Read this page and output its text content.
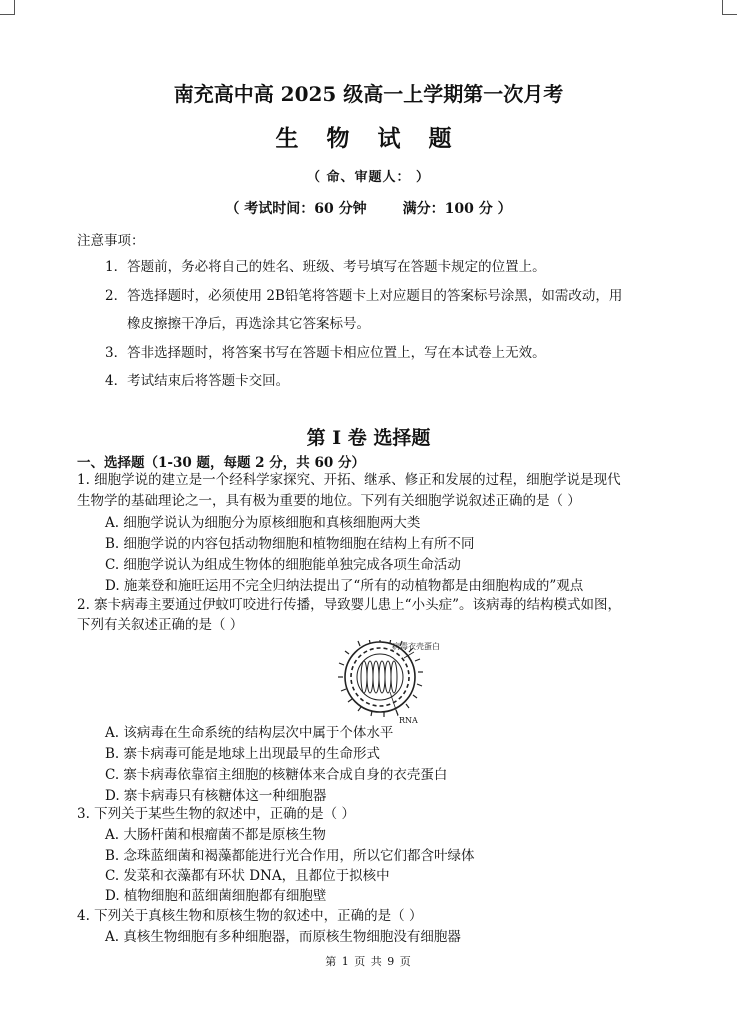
南充高中高 2025 级高一上学期第一次月考
生 物 试 题
（ 命、审题人： ）
（ 考试时间：60 分钟	满分：100 分 ）
注意事项：
1．答题前，务必将自己的姓名、班级、考号填写在答题卡规定的位置上。
2．答选择题时，必须使用 2B铅笔将答题卡上对应题目的答案标号涂黑，如需改动，用
橡皮擦擦干净后，再选涂其它答案标号。
3．答非选择题时，将答案书写在答题卡相应位置上，写在本试卷上无效。
4．考试结束后将答题卡交回。
第 I 卷 选择题
一、选择题（1-30 题，每题 2 分，共 60 分）
1. 细胞学说的建立是一个经科学家探究、开拓、继承、修正和发展的过程，细胞学说是现代
生物学的基础理论之一，具有极为重要的地位。下列有关细胞学说叙述正确的是（ ）
A. 细胞学说认为细胞分为原核细胞和真核细胞两大类
B. 细胞学说的内容包括动物细胞和植物细胞在结构上有所不同
C. 细胞学说认为组成生物体的细胞能单独完成各项生命活动
D. 施莱登和施旺运用不完全归纳法提出了“所有的动植物都是由细胞构成的”观点
2. 寨卡病毒主要通过伊蚊叮咬进行传播，导致婴儿患上“小头症”。该病毒的结构模式如图，
下列有关叙述正确的是（ ）
病毒衣壳蛋白
RNA
A. 该病毒在生命系统的结构层次中属于个体水平
B. 寨卡病毒可能是地球上出现最早的生命形式
C. 寨卡病毒依靠宿主细胞的核糖体来合成自身的衣壳蛋白
D. 寨卡病毒只有核糖体这一种细胞器
3. 下列关于某些生物的叙述中，正确的是（ ）
A. 大肠杆菌和根瘤菌不都是原核生物
B. 念珠蓝细菌和褐藻都能进行光合作用，所以它们都含叶绿体
C. 发菜和衣藻都有环状 DNA，且都位于拟核中
D. 植物细胞和蓝细菌细胞都有细胞壁
4. 下列关于真核生物和原核生物的叙述中，正确的是（ ）
A. 真核生物细胞有多种细胞器，而原核生物细胞没有细胞器
第 1 页 共 9 页
